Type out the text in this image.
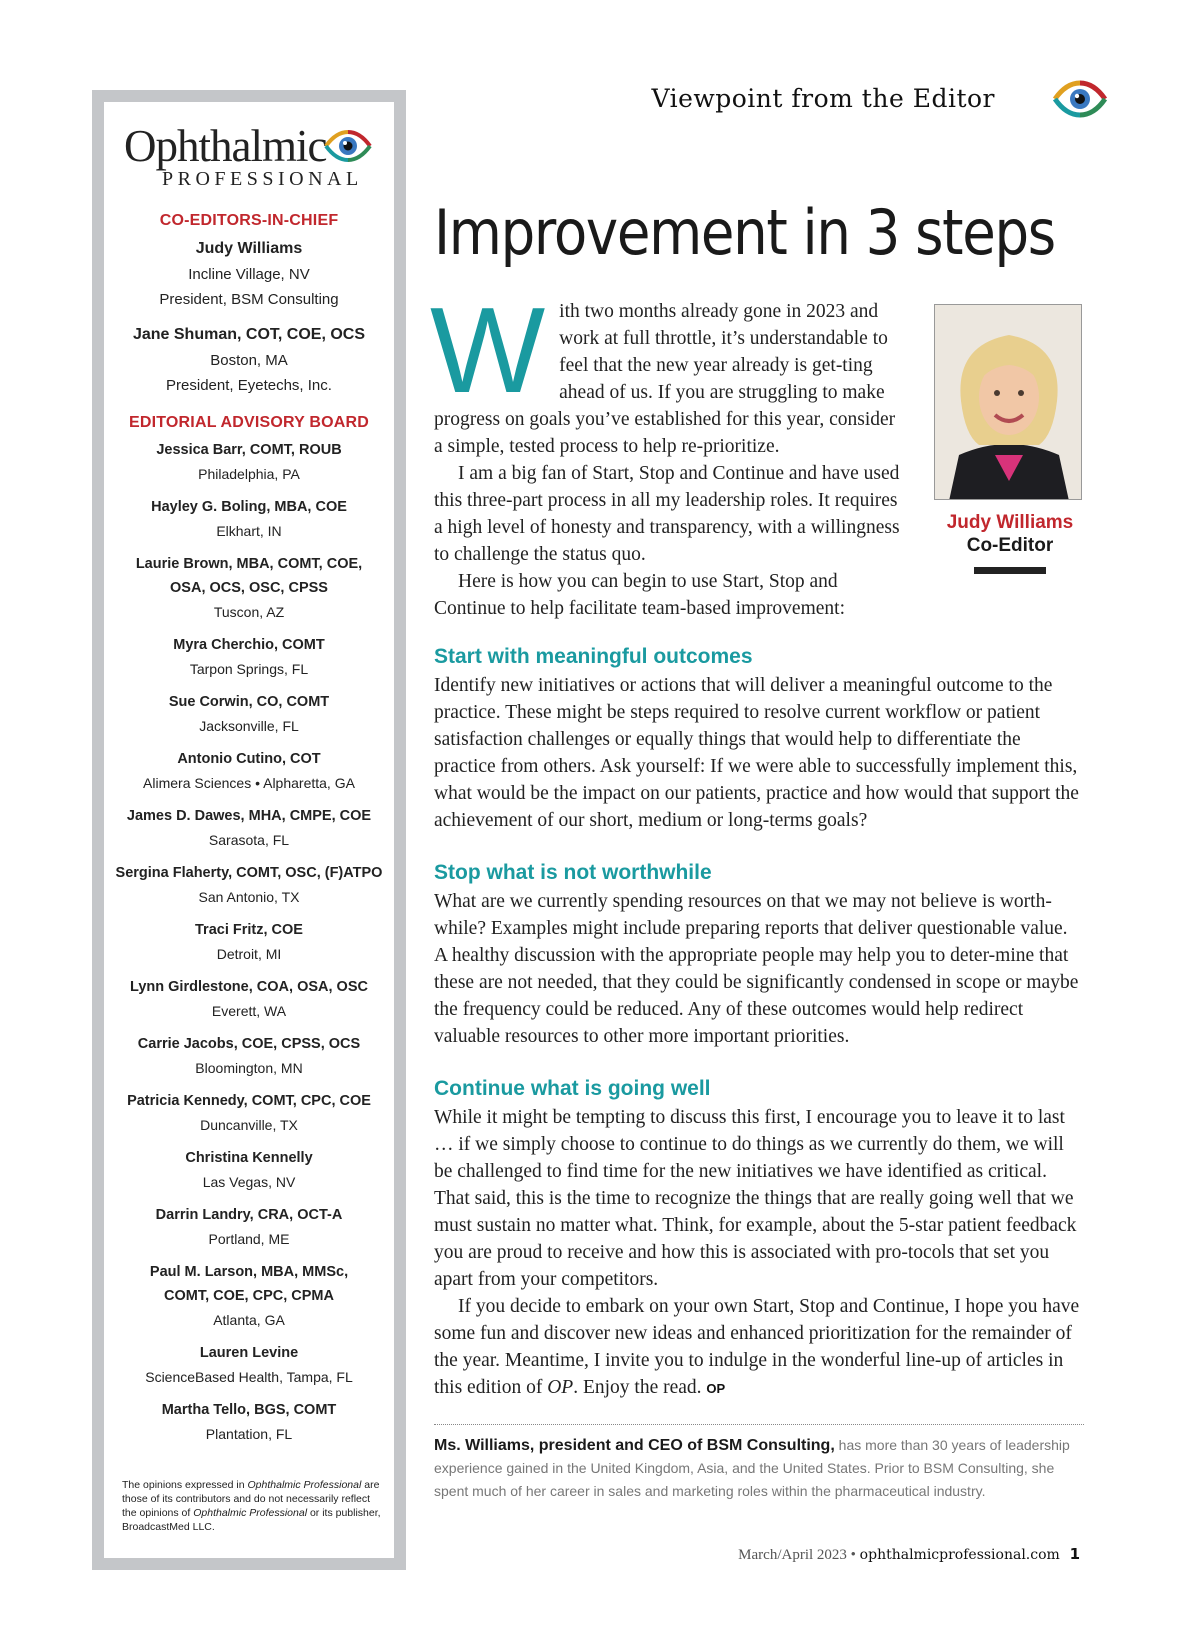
Ophthalmic
PROFESSIONAL
CO-EDITORS-IN-CHIEF
Judy Williams
Incline Village, NV
President, BSM Consulting
Jane Shuman, COT, COE, OCS
Boston, MA
President, Eyetechs, Inc.
EDITORIAL ADVISORY BOARD
Jessica Barr, COMT, ROUB
Philadelphia, PA
Hayley G. Boling, MBA, COE
Elkhart, IN
Laurie Brown, MBA, COMT, COE,
OSA, OCS, OSC, CPSS
Tuscon, AZ
Myra Cherchio, COMT
Tarpon Springs, FL
Sue Corwin, CO, COMT
Jacksonville, FL
Antonio Cutino, COT
Alimera Sciences • Alpharetta, GA
James D. Dawes, MHA, CMPE, COE
Sarasota, FL
Sergina Flaherty, COMT, OSC, (F)ATPO
San Antonio, TX
Traci Fritz, COE
Detroit, MI
Lynn Girdlestone, COA, OSA, OSC
Everett, WA
Carrie Jacobs, COE, CPSS, OCS
Bloomington, MN
Patricia Kennedy, COMT, CPC, COE
Duncanville, TX
Christina Kennelly
Las Vegas, NV
Darrin Landry, CRA, OCT-A
Portland, ME
Paul M. Larson, MBA, MMSc,
COMT, COE, CPC, CPMA
Atlanta, GA
Lauren Levine
ScienceBased Health, Tampa, FL
Martha Tello, BGS, COMT
Plantation, FL
The opinions expressed in Ophthalmic Professional are those of its contributors and do not necessarily reflect the opinions of Ophthalmic Professional or its publisher, BroadcastMed LLC.
Viewpoint from the Editor
Improvement in 3 steps
W ith two months already gone in 2023 and work at full throttle, it’s understandable to feel that the new year already is get-ting ahead of us. If you are struggling to make progress on goals you’ve established for this year, consider a simple, tested process to help re-prioritize.

I am a big fan of Start, Stop and Continue and have used this three-part process in all my leadership roles. It requires a high level of honesty and transparency, with a willingness to challenge the status quo.

Here is how you can begin to use Start, Stop and Continue to help facilitate team-based improvement:

Judy Williams
Co-Editor
Start with meaningful outcomes

Identify new initiatives or actions that will deliver a meaningful outcome to the practice. These might be steps required to resolve current workflow or patient satisfaction challenges or equally things that would help to differentiate the practice from others. Ask yourself: If we were able to successfully implement this, what would be the impact on our patients, practice and how would that support the achievement of our short, medium or long-terms goals?

Stop what is not worthwhile

What are we currently spending resources on that we may not believe is worth-while? Examples might include preparing reports that deliver questionable value. A healthy discussion with the appropriate people may help you to deter-mine that these are not needed, that they could be significantly condensed in scope or maybe the frequency could be reduced. Any of these outcomes would help redirect valuable resources to other more important priorities.

Continue what is going well

While it might be tempting to discuss this first, I encourage you to leave it to last … if we simply choose to continue to do things as we currently do them, we will be challenged to find time for the new initiatives we have identified as critical. That said, this is the time to recognize the things that are really going well that we must sustain no matter what. Think, for example, about the 5-star patient feedback you are proud to receive and how this is associated with pro-tocols that set you apart from your competitors.

If you decide to embark on your own Start, Stop and Continue, I hope you have some fun and discover new ideas and enhanced prioritization for the remainder of the year. Meantime, I invite you to indulge in the wonderful line-up of articles in this edition of OP. Enjoy the read. OP

Ms. Williams, president and CEO of BSM Consulting, has more than 30 years of leadership experience gained in the United Kingdom, Asia, and the United States. Prior to BSM Consulting, she spent much of her career in sales and marketing roles within the pharmaceutical industry.
March/April 2023 • ophthalmicprofessional.com 1
